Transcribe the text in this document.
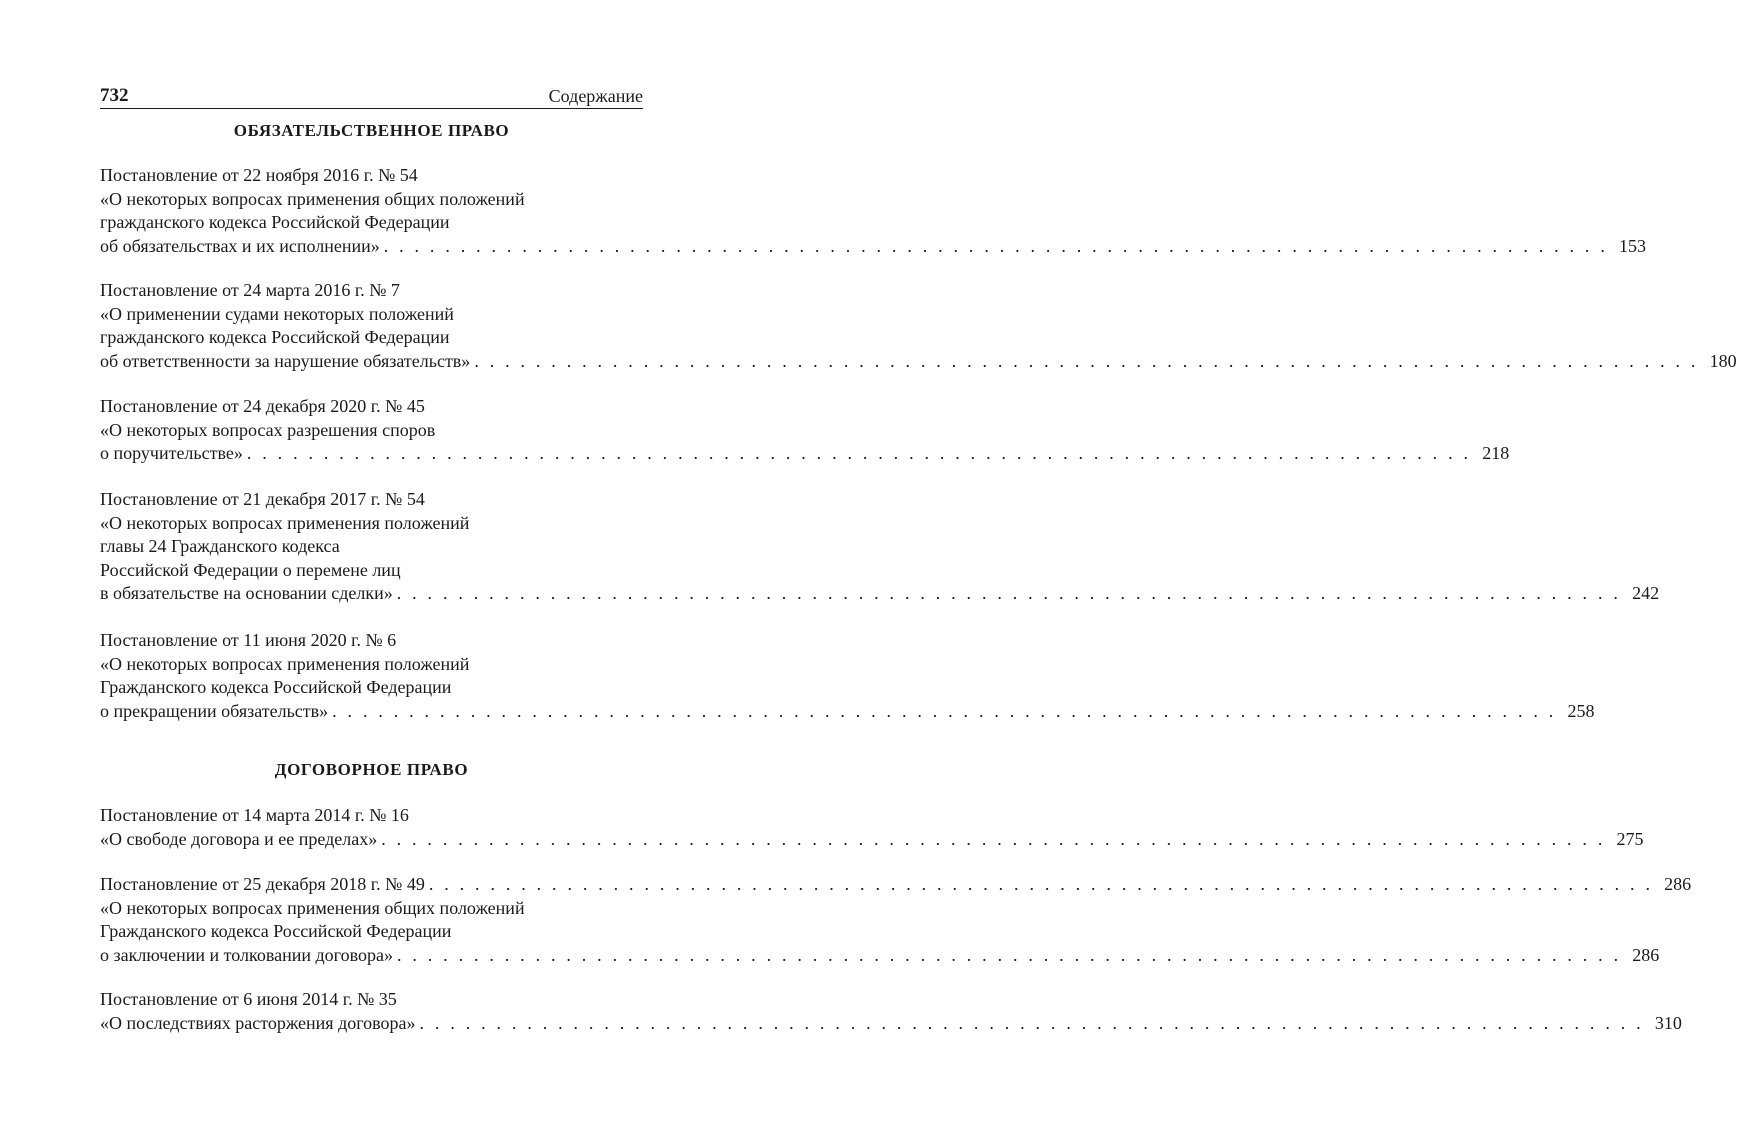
732	Содержание
ОБЯЗАТЕЛЬСТВЕННОЕ ПРАВО
Постановление от 22 ноября 2016 г. № 54
«О некоторых вопросах применения общих положений
гражданского кодекса Российской Федерации
об обязательствах и их исполнении» . . . . . . . . . . . . . . . . . . . . . . . . . . . . . . . . . . . . . . . . . . . . . . . . . . . . . . . . . . . . . . . . . . . . . . . . . . . . . . . . 153
Постановление от 24 марта 2016 г. № 7
«О применении судами некоторых положений
гражданского кодекса Российской Федерации
об ответственности за нарушение обязательств» . . . . . . . . . . . . . . . . . . . . . . . . . . . . . . . . . . . . . . . . . . . . . . . . . . . . . . . . . . . . . . . . . . . . . . . . . . . . . . . . 180
Постановление от 24 декабря 2020 г. № 45
«О некоторых вопросах разрешения споров
о поручительстве» . . . . . . . . . . . . . . . . . . . . . . . . . . . . . . . . . . . . . . . . . . . . . . . . . . . . . . . . . . . . . . . . . . . . . . . . . . . . . . . . 218
Постановление от 21 декабря 2017 г. № 54
«О некоторых вопросах применения положений
главы 24 Гражданского кодекса
Российской Федерации о перемене лиц
в обязательстве на основании сделки» . . . . . . . . . . . . . . . . . . . . . . . . . . . . . . . . . . . . . . . . . . . . . . . . . . . . . . . . . . . . . . . . . . . . . . . . . . . . . . . . 242
Постановление от 11 июня 2020 г. № 6
«О некоторых вопросах применения положений
Гражданского кодекса Российской Федерации
о прекращении обязательств» . . . . . . . . . . . . . . . . . . . . . . . . . . . . . . . . . . . . . . . . . . . . . . . . . . . . . . . . . . . . . . . . . . . . . . . . . . . . . . . . 258
ДОГОВОРНОЕ ПРАВО
Постановление от 14 марта 2014 г. № 16
«О свободе договора и ее пределах» . . . . . . . . . . . . . . . . . . . . . . . . . . . . . . . . . . . . . . . . . . . . . . . . . . . . . . . . . . . . . . . . . . . . . . . . . . . . . . . . 275
Постановление от 25 декабря 2018 г. № 49 . . . . . . . . . . . . . . . . . . . . . . . . . . . . . . . . . . . . . . . . . . . . . . . . . . . . . . . . . . . . . . . . . . . . . . . . . . . . . . . . 286
«О некоторых вопросах применения общих положений
Гражданского кодекса Российской Федерации
о заключении и толковании договора» . . . . . . . . . . . . . . . . . . . . . . . . . . . . . . . . . . . . . . . . . . . . . . . . . . . . . . . . . . . . . . . . . . . . . . . . . . . . . . . . 286
Постановление от 6 июня 2014 г. № 35
«О последствиях расторжения договора» . . . . . . . . . . . . . . . . . . . . . . . . . . . . . . . . . . . . . . . . . . . . . . . . . . . . . . . . . . . . . . . . . . . . . . . . . . . . . . . . 310
